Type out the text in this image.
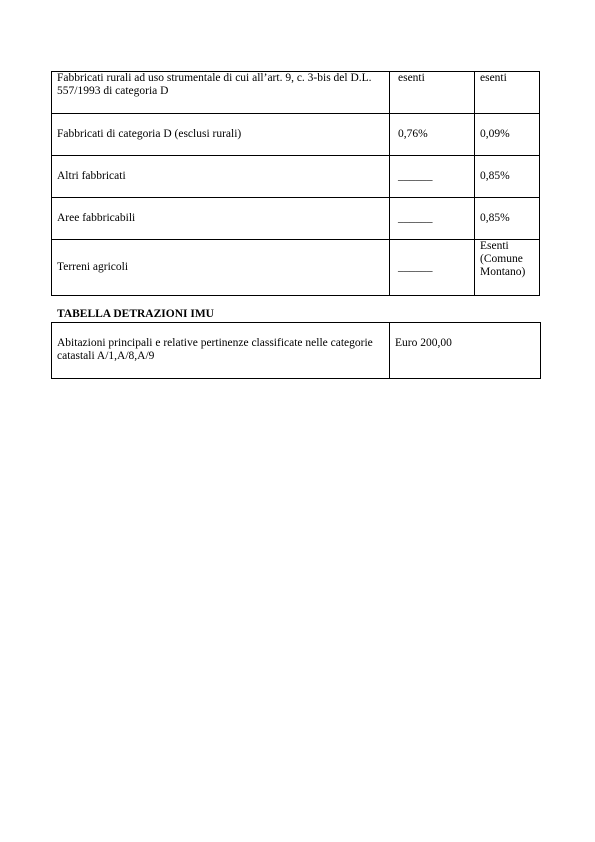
Fabbricati rurali ad uso strumentale di cui all’art. 9, c. 3-bis del D.L. 557/1993 di categoria D	esenti	esenti
Fabbricati di categoria D (esclusi rurali)	0,76%	0,09%
Altri fabbricati	______	0,85%
Aree fabbricabili	______	0,85%
Terreni agricoli	______	Esenti (Comune Montano)
TABELLA DETRAZIONI IMU
Abitazioni principali e relative pertinenze classificate nelle categorie catastali A/1,A/8,A/9	Euro 200,00
